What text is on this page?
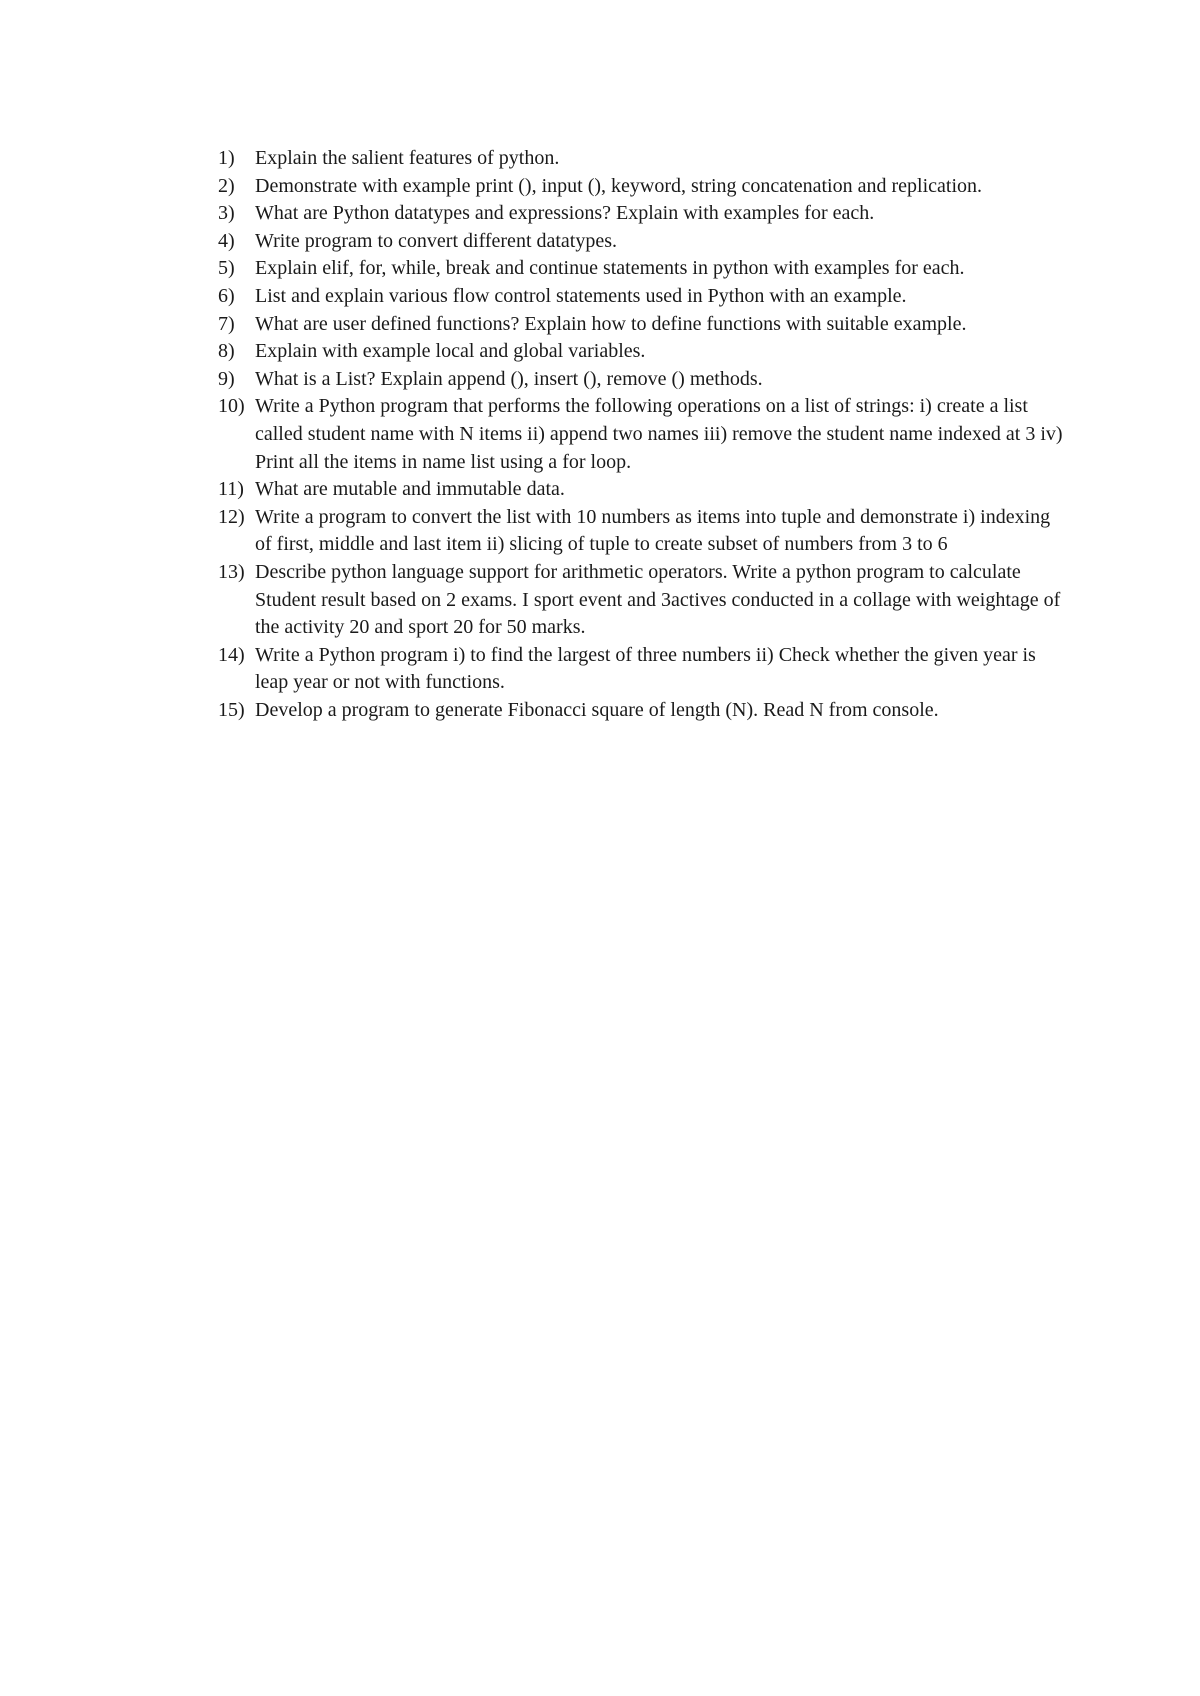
1)	Explain the salient features of python.
2)	Demonstrate with example print (), input (), keyword, string concatenation and replication.
3)	What are Python datatypes and expressions? Explain with examples for each.
4)	Write program to convert different datatypes.
5)	Explain elif, for, while, break and continue statements in python with examples for each.
6)	List and explain various flow control statements used in Python with an example.
7)	What are user defined functions? Explain how to define functions with suitable example.
8)	Explain with example local and global variables.
9)	What is a List? Explain append (), insert (), remove () methods.
10) Write a Python program that performs the following operations on a list of strings: i) create a list called student name with N items ii) append two names iii) remove the student name indexed at 3 iv) Print all the items in name list using a for loop.
11) What are mutable and immutable data.
12) Write a program to convert the list with 10 numbers as items into tuple and demonstrate i) indexing of first, middle and last item ii) slicing of tuple to create subset of numbers from 3 to 6
13) Describe python language support for arithmetic operators. Write a python program to calculate Student result based on 2 exams. I sport event and 3actives conducted in a collage with weightage of the activity 20 and sport 20 for 50 marks.
14) Write a Python program i) to find the largest of three numbers ii) Check whether the given year is leap year or not with functions.
15) Develop a program to generate Fibonacci square of length (N). Read N from console.
